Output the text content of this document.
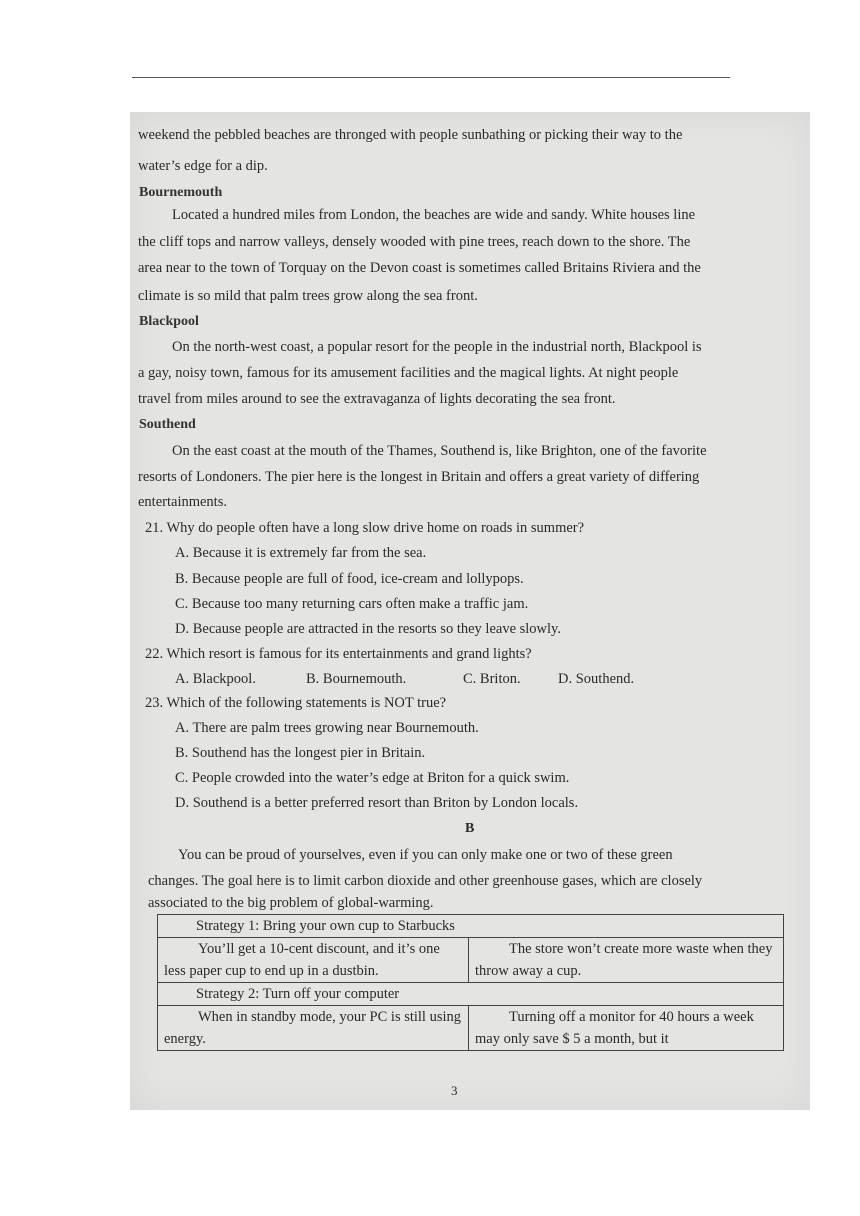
weekend the pebbled beaches are thronged with people sunbathing or picking their way to the
water’s edge for a dip.
Bournemouth
Located a hundred miles from London, the beaches are wide and sandy. White houses line
the cliff tops and narrow valleys, densely wooded with pine trees, reach down to the shore. The
area near to the town of Torquay on the Devon coast is sometimes called Britains Riviera and the
climate is so mild that palm trees grow along the sea front.
Blackpool
On the north-west coast, a popular resort for the people in the industrial north, Blackpool is
a gay, noisy town, famous for its amusement facilities and the magical lights. At night people
travel from miles around to see the extravaganza of lights decorating the sea front.
Southend
On the east coast at the mouth of the Thames, Southend is, like Brighton, one of the favorite
resorts of Londoners. The pier here is the longest in Britain and offers a great variety of differing
entertainments.
21. Why do people often have a long slow drive home on roads in summer?
A. Because it is extremely far from the sea.
B. Because people are full of food, ice-cream and lollypops.
C. Because too many returning cars often make a traffic jam.
D. Because people are attracted in the resorts so they leave slowly.
22. Which resort is famous for its entertainments and grand lights?
A. Blackpool.	B. Bournemouth.	C. Briton.	D. Southend.
23. Which of the following statements is NOT true?
A. There are palm trees growing near Bournemouth.
B. Southend has the longest pier in Britain.
C. People crowded into the water’s edge at Briton for a quick swim.
D. Southend is a better preferred resort than Briton by London locals.
B
You can be proud of yourselves, even if you can only make one or two of these green
changes. The goal here is to limit carbon dioxide and other greenhouse gases, which are closely
associated to the big problem of global-warming.
Strategy 1: Bring your own cup to Starbucks	
You’ll get a 10-cent discount, and it’s one less paper cup to end up in a dustbin.	The store won’t create more waste when they throw away a cup.
Strategy 2: Turn off your computer	
When in standby mode, your PC is still using energy.	Turning off a monitor for 40 hours a week may only save $ 5 a month, but it
3
